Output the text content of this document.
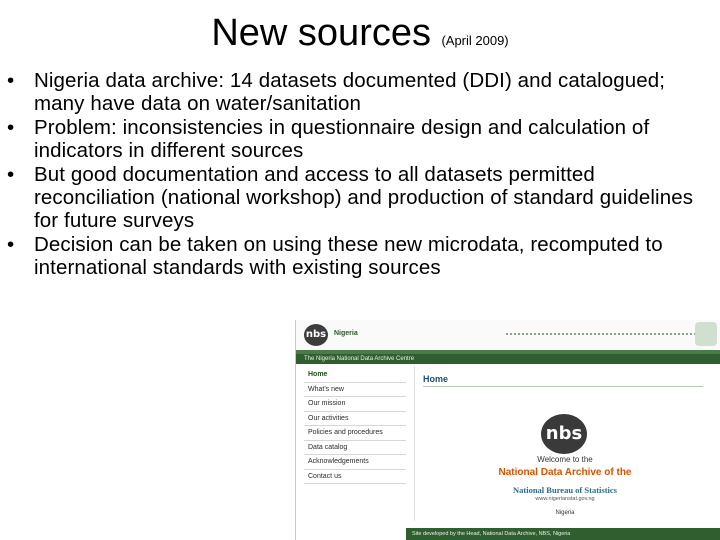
New sources (April 2009)
• Nigeria data archive: 14 datasets documented (DDI) and catalogued; many have data on water/sanitation
• Problem: inconsistencies in questionnaire design and calculation of indicators in different sources
• But good documentation and access to all datasets permitted reconciliation (national workshop) and production of standard guidelines for future surveys
• Decision can be taken on using these new microdata, recomputed to international standards with existing sources
nbs Nigeria
The Nigeria National Data Archive Centre
Home
What's new
Our mission
Our activities
Policies and procedures
Data catalog
Acknowledgements
Contact us
Home
nbs
Welcome to the
National Data Archive of the
National Bureau of Statistics
www.nigerianstat.gov.ng
Nigeria
Site developed by the Head, National Data Archive, NBS, Nigeria
